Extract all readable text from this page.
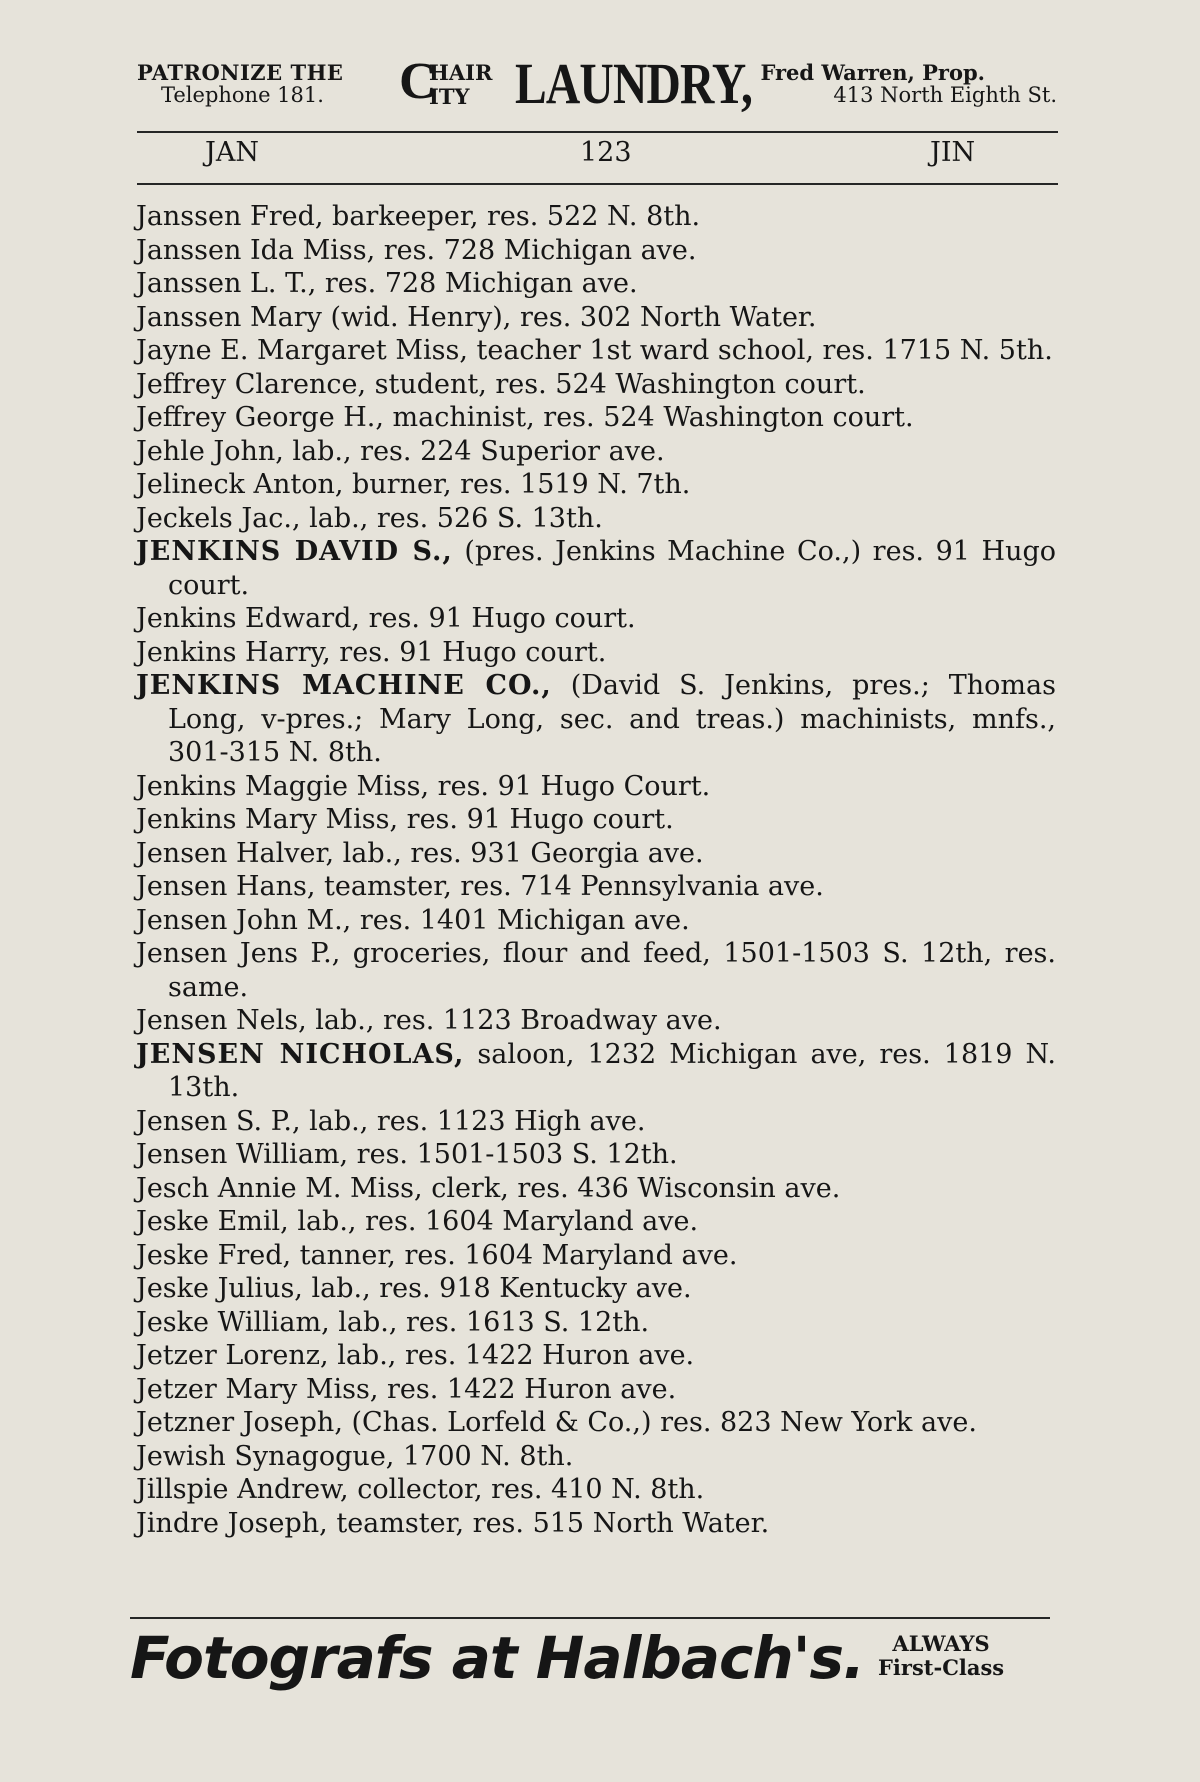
PATRONIZE THE
Telephone 181.	C
HAIR
ITY LAUNDRY, Fred Warren, Prop.
413 North Eighth St.
JAN	123	JIN
Janssen Fred, barkeeper, res. 522 N. 8th.
Janssen Ida Miss, res. 728 Michigan ave.
Janssen L. T., res. 728 Michigan ave.
Janssen Mary (wid. Henry), res. 302 North Water.
Jayne E. Margaret Miss, teacher 1st ward school, res. 1715 N. 5th.
Jeffrey Clarence, student, res. 524 Washington court.
Jeffrey George H., machinist, res. 524 Washington court.
Jehle John, lab., res. 224 Superior ave.
Jelineck Anton, burner, res. 1519 N. 7th.
Jeckels Jac., lab., res. 526 S. 13th.
JENKINS DAVID S., (pres. Jenkins Machine Co.,) res. 91 Hugo court.
Jenkins Edward, res. 91 Hugo court.
Jenkins Harry, res. 91 Hugo court.
JENKINS MACHINE CO., (David S. Jenkins, pres.; Thomas Long, v-pres.; Mary Long, sec. and treas.) machinists, mnfs., 301-315 N. 8th.
Jenkins Maggie Miss, res. 91 Hugo Court.
Jenkins Mary Miss, res. 91 Hugo court.
Jensen Halver, lab., res. 931 Georgia ave.
Jensen Hans, teamster, res. 714 Pennsylvania ave.
Jensen John M., res. 1401 Michigan ave.
Jensen Jens P., groceries, flour and feed, 1501-1503 S. 12th, res. same.
Jensen Nels, lab., res. 1123 Broadway ave.
JENSEN NICHOLAS, saloon, 1232 Michigan ave, res. 1819 N. 13th.
Jensen S. P., lab., res. 1123 High ave.
Jensen William, res. 1501-1503 S. 12th.
Jesch Annie M. Miss, clerk, res. 436 Wisconsin ave.
Jeske Emil, lab., res. 1604 Maryland ave.
Jeske Fred, tanner, res. 1604 Maryland ave.
Jeske Julius, lab., res. 918 Kentucky ave.
Jeske William, lab., res. 1613 S. 12th.
Jetzer Lorenz, lab., res. 1422 Huron ave.
Jetzer Mary Miss, res. 1422 Huron ave.
Jetzner Joseph, (Chas. Lorfeld & Co.,) res. 823 New York ave.
Jewish Synagogue, 1700 N. 8th.
Jillspie Andrew, collector, res. 410 N. 8th.
Jindre Joseph, teamster, res. 515 North Water.
Fotografs at Halbach's.	ALWAYS
First-Class
